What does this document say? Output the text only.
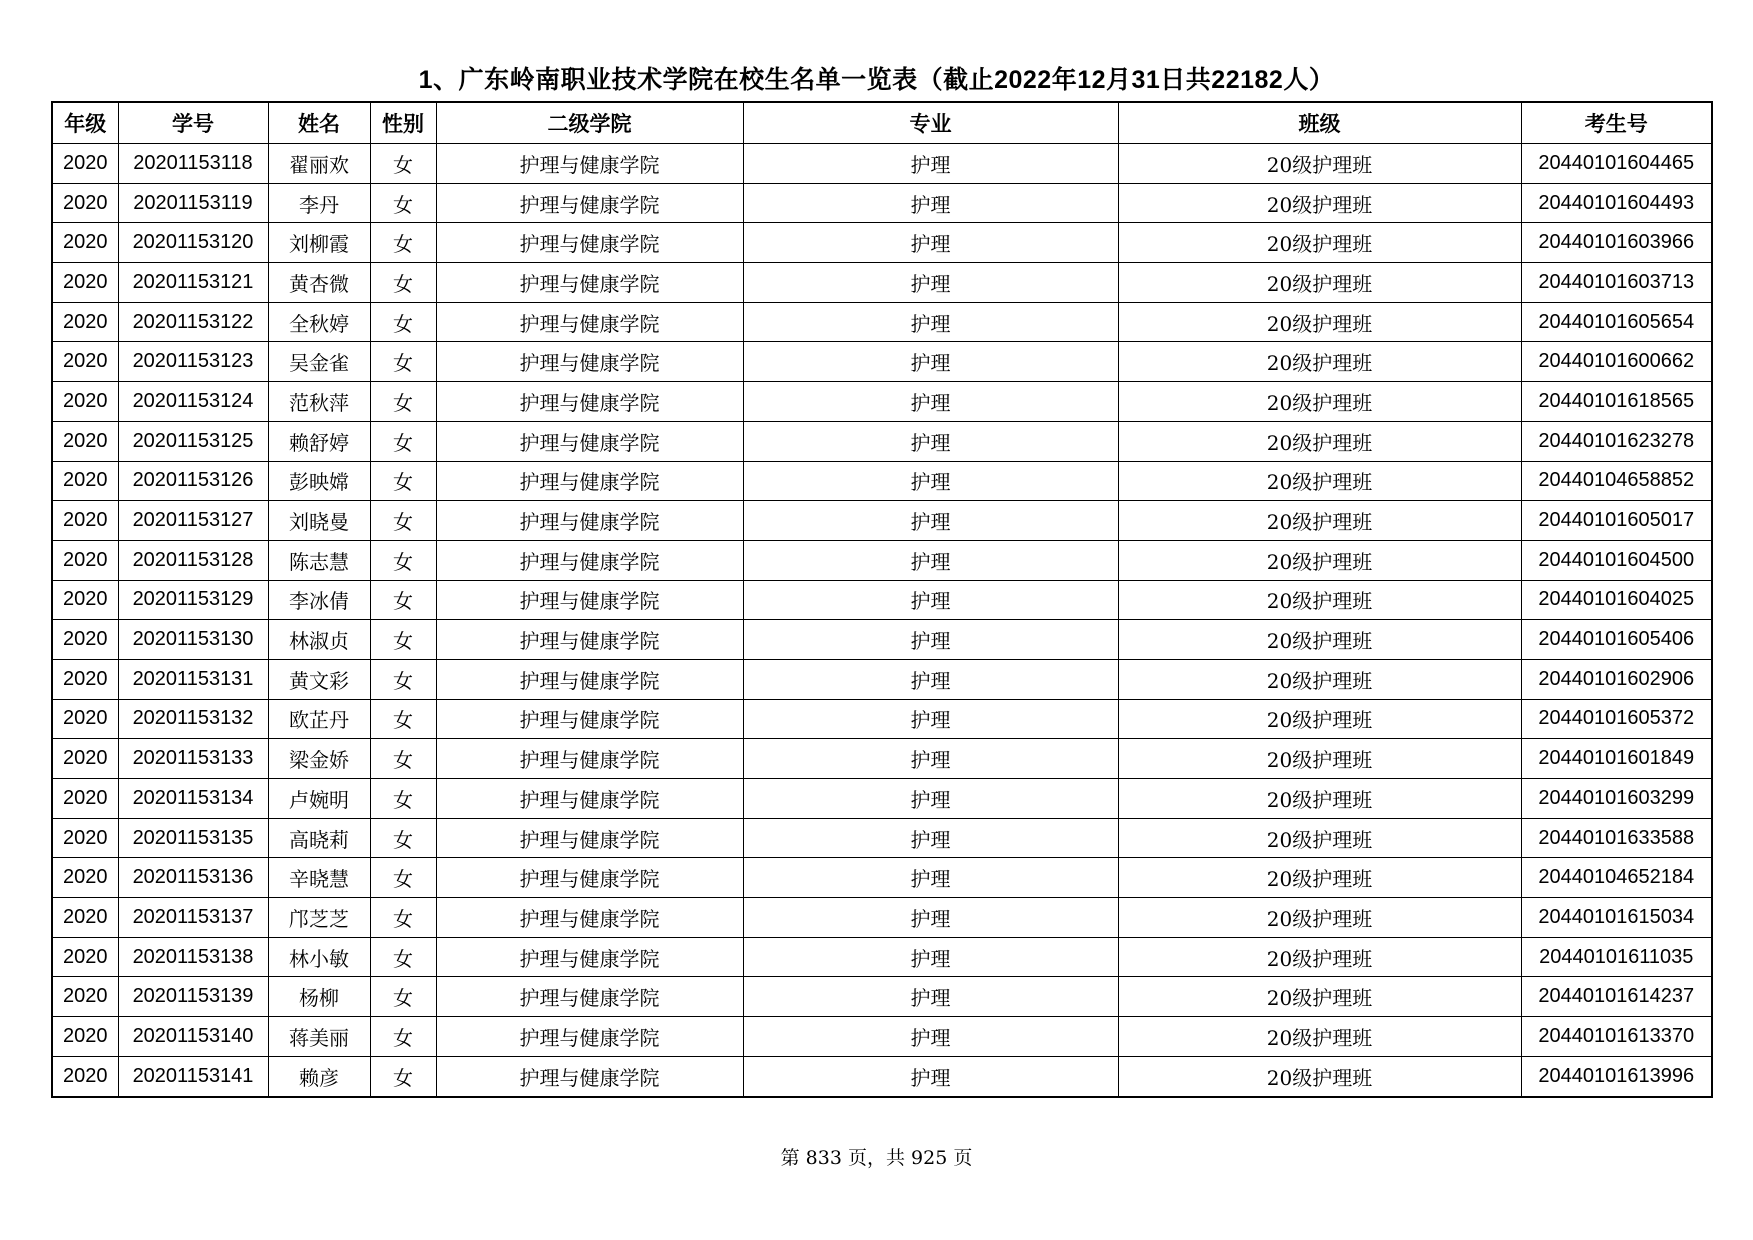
1、广东岭南职业技术学院在校生名单一览表（截止2022年12月31日共22182人）
年级	学号	姓名	性别	二级学院	专业	班级	考生号
2020	20201153118	翟丽欢	女	护理与健康学院	护理	20级护理班	20440101604465
2020	20201153119	李丹	女	护理与健康学院	护理	20级护理班	20440101604493
2020	20201153120	刘柳霞	女	护理与健康学院	护理	20级护理班	20440101603966
2020	20201153121	黄杏微	女	护理与健康学院	护理	20级护理班	20440101603713
2020	20201153122	全秋婷	女	护理与健康学院	护理	20级护理班	20440101605654
2020	20201153123	吴金雀	女	护理与健康学院	护理	20级护理班	20440101600662
2020	20201153124	范秋萍	女	护理与健康学院	护理	20级护理班	20440101618565
2020	20201153125	赖舒婷	女	护理与健康学院	护理	20级护理班	20440101623278
2020	20201153126	彭映嫦	女	护理与健康学院	护理	20级护理班	20440104658852
2020	20201153127	刘晓曼	女	护理与健康学院	护理	20级护理班	20440101605017
2020	20201153128	陈志慧	女	护理与健康学院	护理	20级护理班	20440101604500
2020	20201153129	李冰倩	女	护理与健康学院	护理	20级护理班	20440101604025
2020	20201153130	林淑贞	女	护理与健康学院	护理	20级护理班	20440101605406
2020	20201153131	黄文彩	女	护理与健康学院	护理	20级护理班	20440101602906
2020	20201153132	欧芷丹	女	护理与健康学院	护理	20级护理班	20440101605372
2020	20201153133	梁金娇	女	护理与健康学院	护理	20级护理班	20440101601849
2020	20201153134	卢婉明	女	护理与健康学院	护理	20级护理班	20440101603299
2020	20201153135	高晓莉	女	护理与健康学院	护理	20级护理班	20440101633588
2020	20201153136	辛晓慧	女	护理与健康学院	护理	20级护理班	20440104652184
2020	20201153137	邝芝芝	女	护理与健康学院	护理	20级护理班	20440101615034
2020	20201153138	林小敏	女	护理与健康学院	护理	20级护理班	20440101611035
2020	20201153139	杨柳	女	护理与健康学院	护理	20级护理班	20440101614237
2020	20201153140	蒋美丽	女	护理与健康学院	护理	20级护理班	20440101613370
2020	20201153141	赖彦	女	护理与健康学院	护理	20级护理班	20440101613996
第 833 页，共 925 页
